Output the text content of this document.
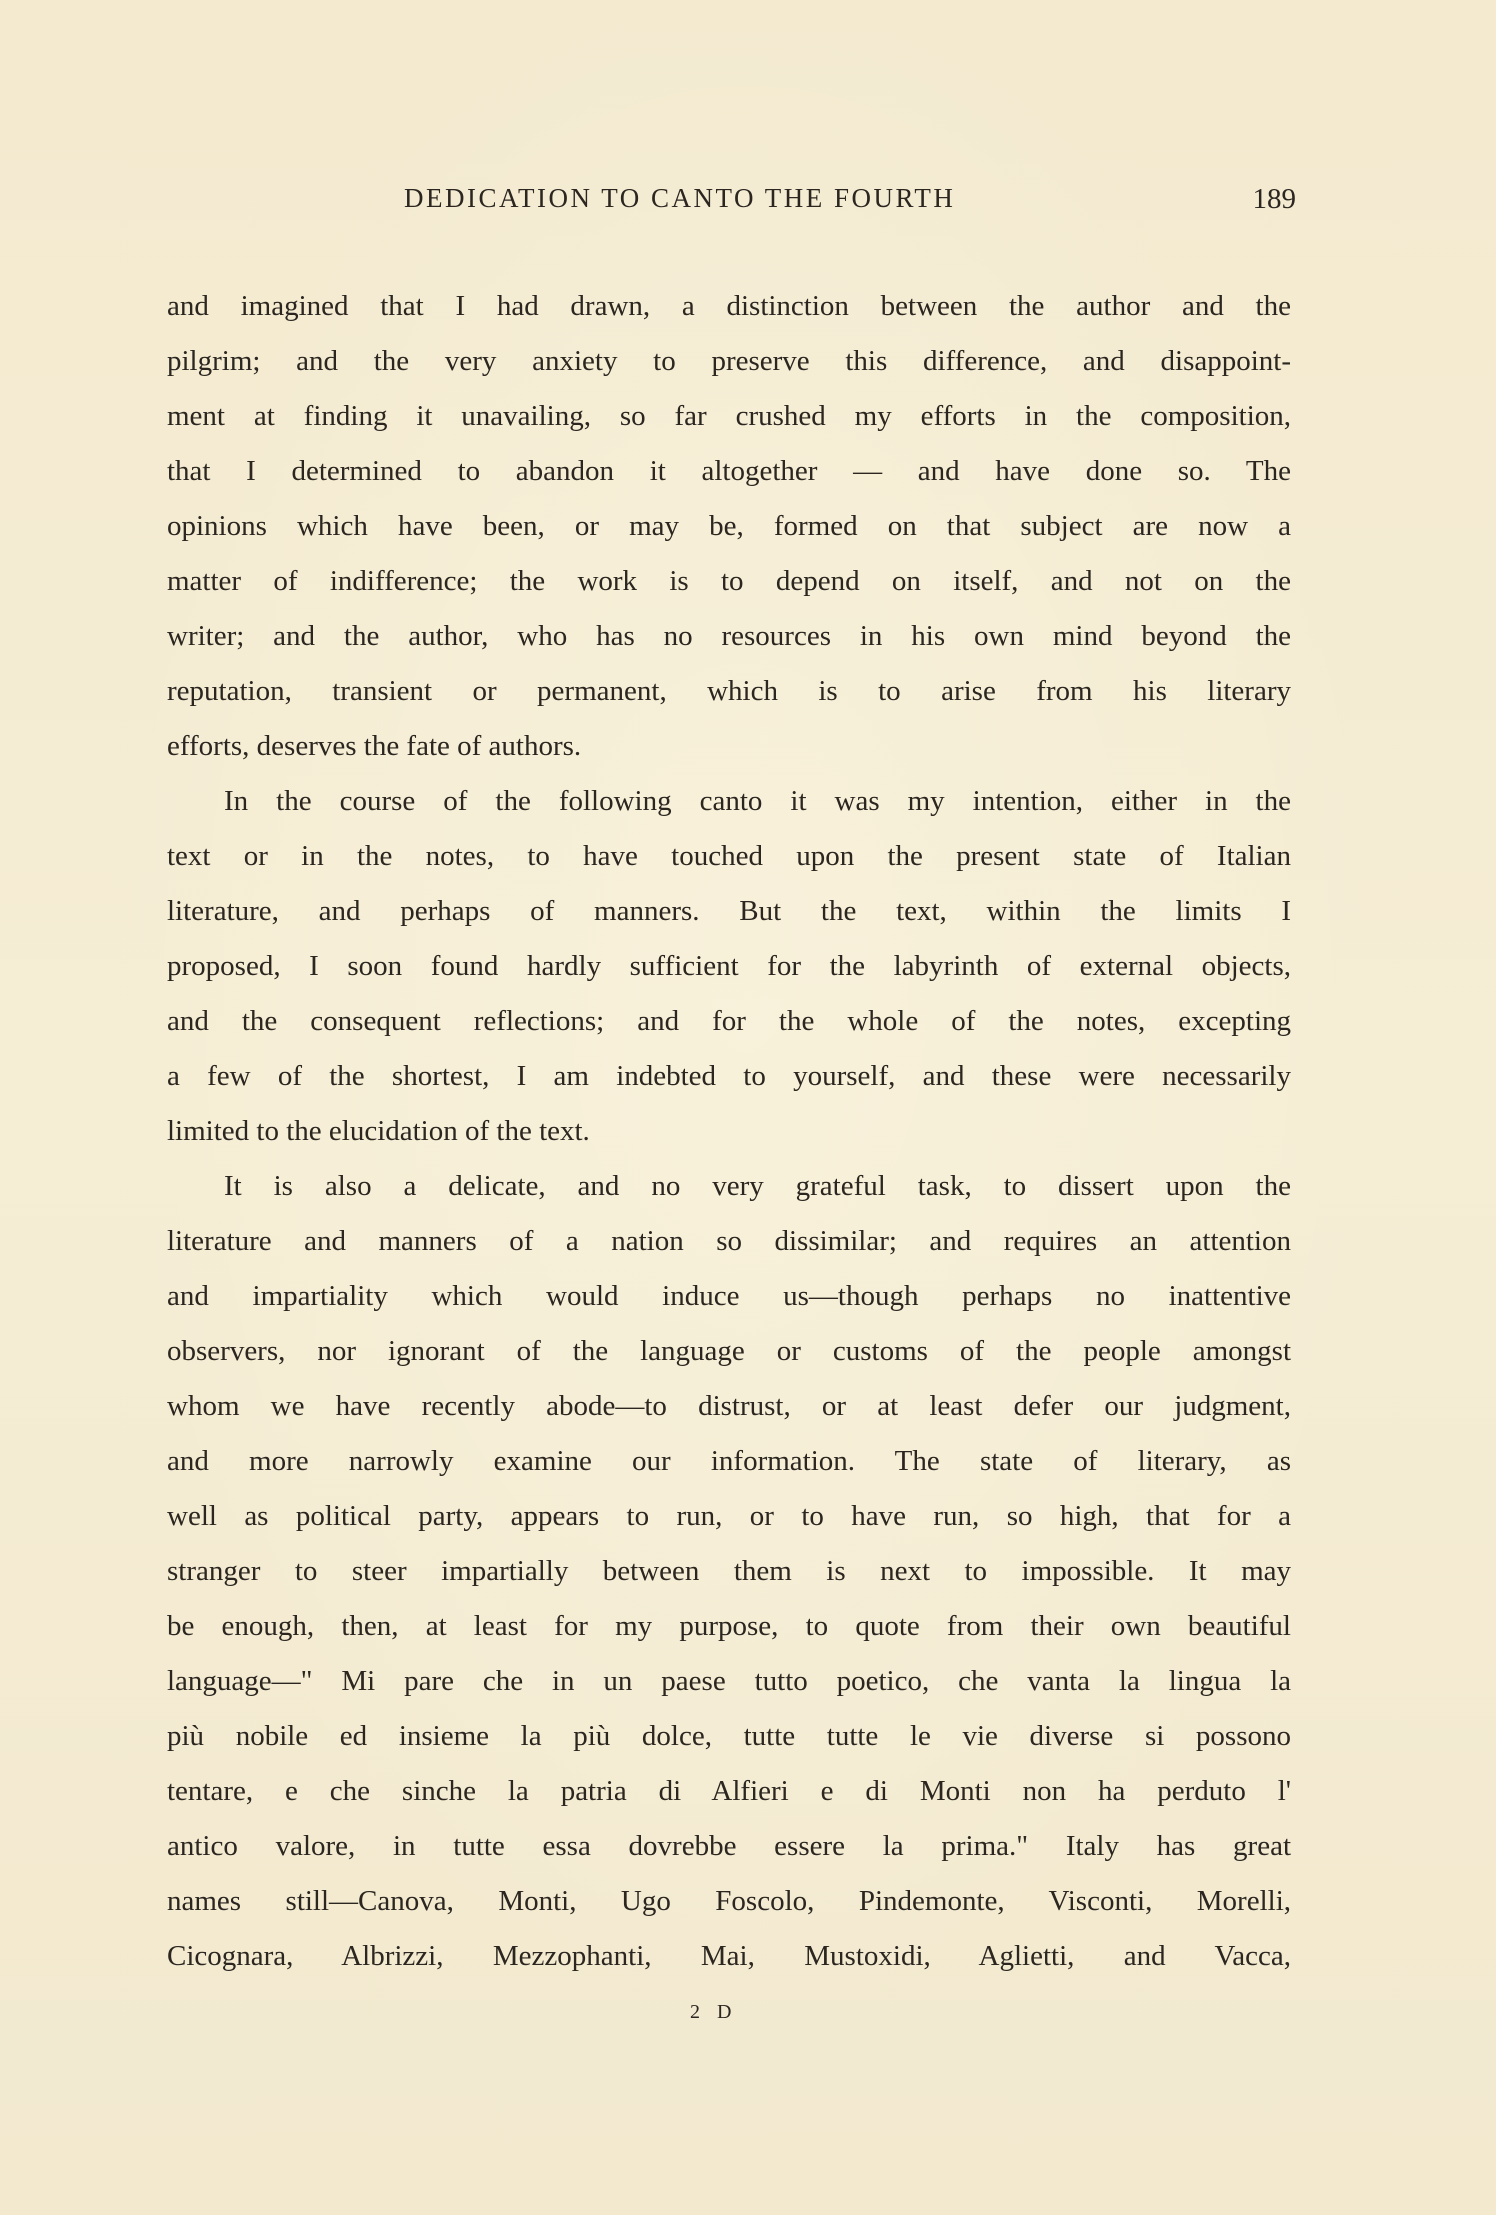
DEDICATION TO CANTO THE FOURTH	189
and imagined that I had drawn, a distinction between the author and the
pilgrim; and the very anxiety to preserve this difference, and disappoint-
ment at finding it unavailing, so far crushed my efforts in the composition,
that I determined to abandon it altogether — and have done so. The
opinions which have been, or may be, formed on that subject are now a
matter of indifference; the work is to depend on itself, and not on the
writer; and the author, who has no resources in his own mind beyond the
reputation, transient or permanent, which is to arise from his literary
efforts, deserves the fate of authors.
In the course of the following canto it was my intention, either in the
text or in the notes, to have touched upon the present state of Italian
literature, and perhaps of manners. But the text, within the limits I
proposed, I soon found hardly sufficient for the labyrinth of external objects,
and the consequent reflections; and for the whole of the notes, excepting
a few of the shortest, I am indebted to yourself, and these were necessarily
limited to the elucidation of the text.
It is also a delicate, and no very grateful task, to dissert upon the
literature and manners of a nation so dissimilar; and requires an attention
and impartiality which would induce us—though perhaps no inattentive
observers, nor ignorant of the language or customs of the people amongst
whom we have recently abode—to distrust, or at least defer our judgment,
and more narrowly examine our information. The state of literary, as
well as political party, appears to run, or to have run, so high, that for a
stranger to steer impartially between them is next to impossible. It may
be enough, then, at least for my purpose, to quote from their own beautiful
language—" Mi pare che in un paese tutto poetico, che vanta la lingua la
più nobile ed insieme la più dolce, tutte tutte le vie diverse si possono
tentare, e che sinche la patria di Alfieri e di Monti non ha perduto l'
antico valore, in tutte essa dovrebbe essere la prima." Italy has great
names still—Canova, Monti, Ugo Foscolo, Pindemonte, Visconti, Morelli,
Cicognara, Albrizzi, Mezzophanti, Mai, Mustoxidi, Aglietti, and Vacca,
2 D
